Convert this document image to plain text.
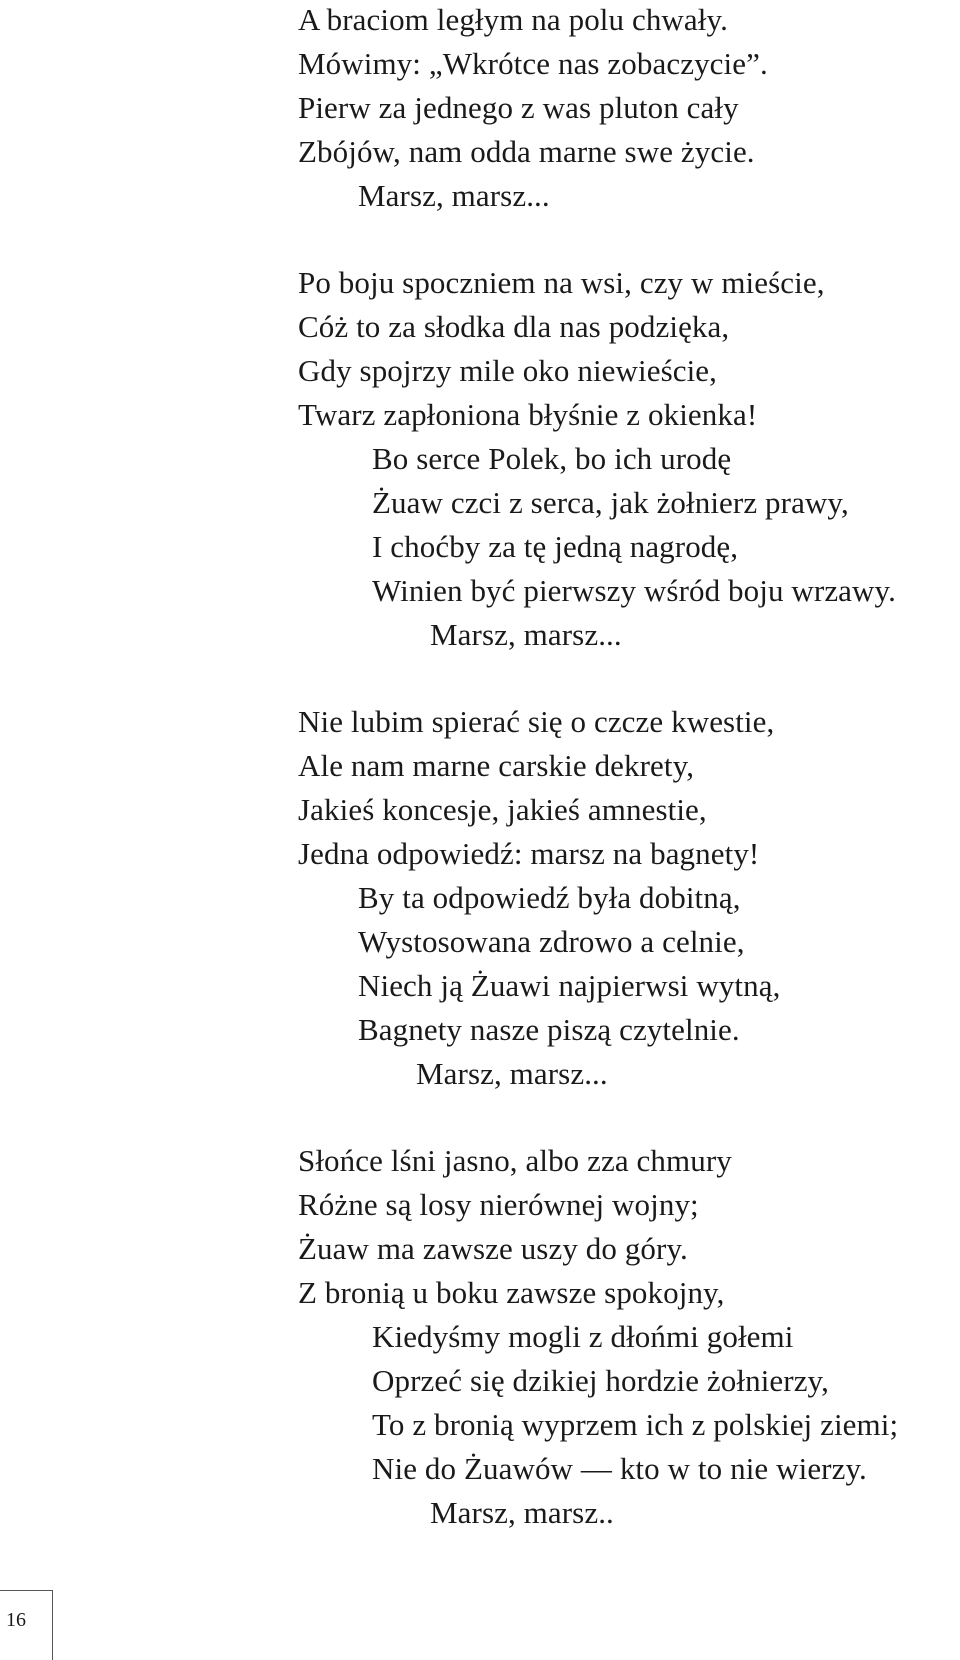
A braciom ległym na polu chwały.
Mówimy: „Wkrótce nas zobaczycie”.
Pierw za jednego z was pluton cały
Zbójów, nam odda marne swe życie.
Marsz, marsz...
Po boju spoczniem na wsi, czy w mieście,
Cóż to za słodka dla nas podzięka,
Gdy spojrzy mile oko niewieście,
Twarz zapłoniona błyśnie z okienka!
Bo serce Polek, bo ich urodę
Żuaw czci z serca, jak żołnierz prawy,
I choćby za tę jedną nagrodę,
Winien być pierwszy wśród boju wrzawy.
Marsz, marsz...
Nie lubim spierać się o czcze kwestie,
Ale nam marne carskie dekrety,
Jakieś koncesje, jakieś amnestie,
Jedna odpowiedź: marsz na bagnety!
By ta odpowiedź była dobitną,
Wystosowana zdrowo a celnie,
Niech ją Żuawi najpierwsi wytną,
Bagnety nasze piszą czytelnie.
Marsz, marsz...
Słońce lśni jasno, albo zza chmury
Różne są losy nierównej wojny;
Żuaw ma zawsze uszy do góry.
Z bronią u boku zawsze spokojny,
Kiedyśmy mogli z dłońmi gołemi
Oprzeć się dzikiej hordzie żołnierzy,
To z bronią wyprzem ich z polskiej ziemi;
Nie do Żuawów — kto w to nie wierzy.
Marsz, marsz..
16
